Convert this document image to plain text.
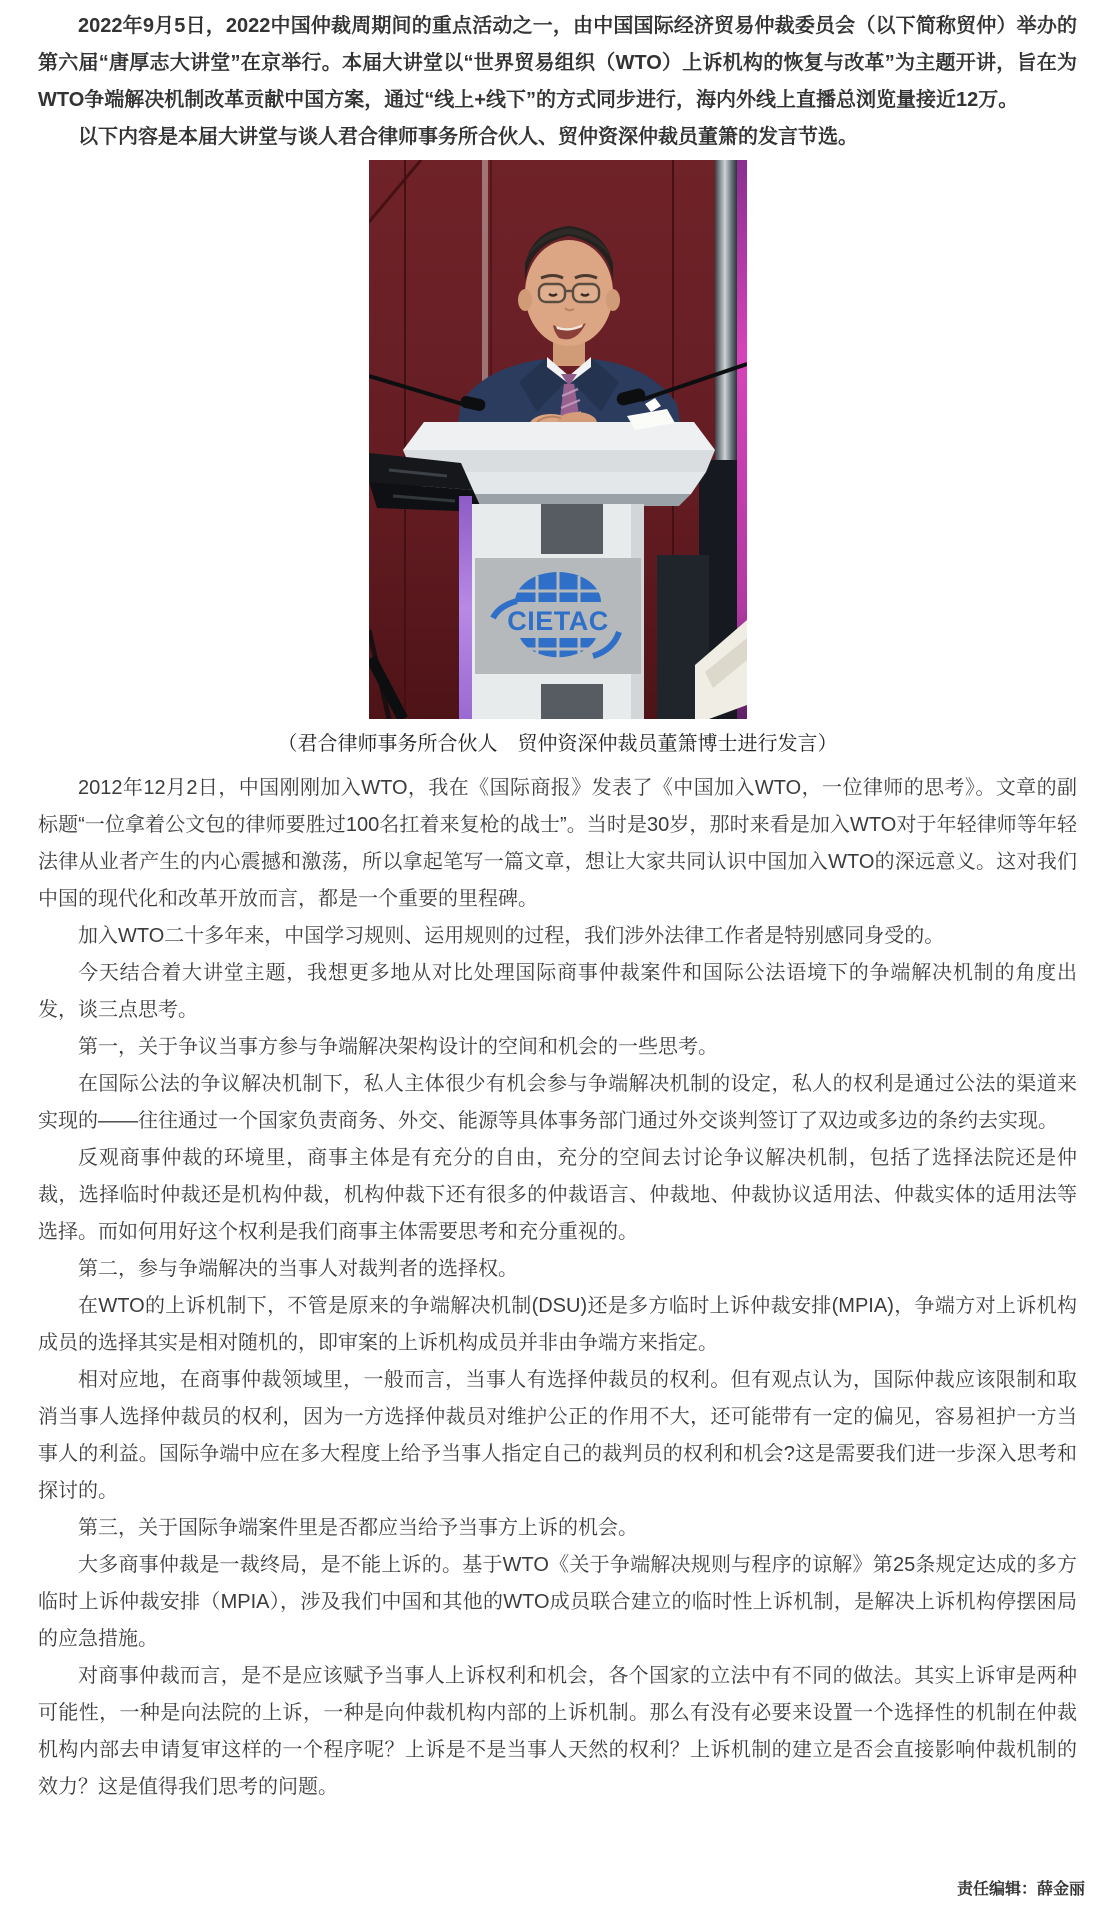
2022年9月5日，2022中国仲裁周期间的重点活动之一，由中国国际经济贸易仲裁委员会（以下简称贸仲）举办的第六届“唐厚志大讲堂”在京举行。本届大讲堂以“世界贸易组织（WTO）上诉机构的恢复与改革”为主题开讲，旨在为WTO争端解决机制改革贡献中国方案，通过“线上+线下”的方式同步进行，海内外线上直播总浏览量接近12万。

以下内容是本届大讲堂与谈人君合律师事务所合伙人、贸仲资深仲裁员董箫的发言节选。

CIETAC
（君合律师事务所合伙人　贸仲资深仲裁员董箫博士进行发言）

2012年12月2日，中国刚刚加入WTO，我在《国际商报》发表了《中国加入WTO，一位律师的思考》。文章的副标题“一位拿着公文包的律师要胜过100名扛着来复枪的战士”。当时是30岁，那时来看是加入WTO对于年轻律师等年轻法律从业者产生的内心震撼和激荡，所以拿起笔写一篇文章，想让大家共同认识中国加入WTO的深远意义。这对我们中国的现代化和改革开放而言，都是一个重要的里程碑。

加入WTO二十多年来，中国学习规则、运用规则的过程，我们涉外法律工作者是特别感同身受的。

今天结合着大讲堂主题，我想更多地从对比处理国际商事仲裁案件和国际公法语境下的争端解决机制的角度出发，谈三点思考。

第一，关于争议当事方参与争端解决架构设计的空间和机会的一些思考。

在国际公法的争议解决机制下，私人主体很少有机会参与争端解决机制的设定，私人的权利是通过公法的渠道来实现的——往往通过一个国家负责商务、外交、能源等具体事务部门通过外交谈判签订了双边或多边的条约去实现。

反观商事仲裁的环境里，商事主体是有充分的自由，充分的空间去讨论争议解决机制，包括了选择法院还是仲裁，选择临时仲裁还是机构仲裁，机构仲裁下还有很多的仲裁语言、仲裁地、仲裁协议适用法、仲裁实体的适用法等选择。而如何用好这个权利是我们商事主体需要思考和充分重视的。

第二，参与争端解决的当事人对裁判者的选择权。

在WTO的上诉机制下，不管是原来的争端解决机制(DSU)还是多方临时上诉仲裁安排(MPIA)，争端方对上诉机构成员的选择其实是相对随机的，即审案的上诉机构成员并非由争端方来指定。

相对应地，在商事仲裁领域里，一般而言，当事人有选择仲裁员的权利。但有观点认为，国际仲裁应该限制和取消当事人选择仲裁员的权利，因为一方选择仲裁员对维护公正的作用不大，还可能带有一定的偏见，容易袒护一方当事人的利益。国际争端中应在多大程度上给予当事人指定自己的裁判员的权利和机会?这是需要我们进一步深入思考和探讨的。

第三，关于国际争端案件里是否都应当给予当事方上诉的机会。

大多商事仲裁是一裁终局，是不能上诉的。基于WTO《关于争端解决规则与程序的谅解》第25条规定达成的多方临时上诉仲裁安排（MPIA），涉及我们中国和其他的WTO成员联合建立的临时性上诉机制，是解决上诉机构停摆困局的应急措施。

对商事仲裁而言，是不是应该赋予当事人上诉权利和机会，各个国家的立法中有不同的做法。其实上诉审是两种可能性，一种是向法院的上诉，一种是向仲裁机构内部的上诉机制。那么有没有必要来设置一个选择性的机制在仲裁机构内部去申请复审这样的一个程序呢？上诉是不是当事人天然的权利？上诉机制的建立是否会直接影响仲裁机制的效力？这是值得我们思考的问题。

责任编辑：薛金丽
